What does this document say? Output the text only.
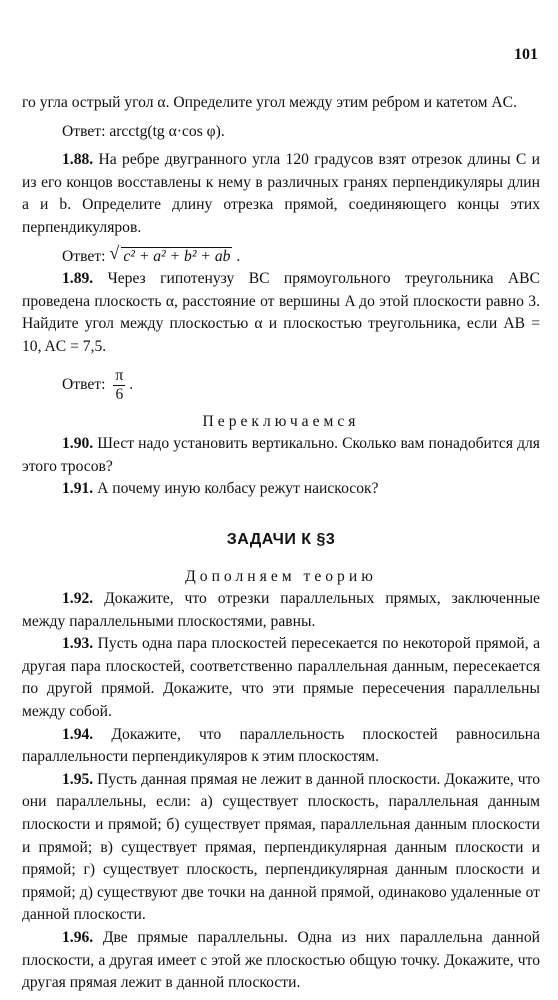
101

го угла острый угол α. Определите угол между этим ребром и катетом AC.

Ответ: arcctg(tg α·cos φ).

1.88. На ребре двугранного угла 120 градусов взят отрезок длины C и из его концов восставлены к нему в различных гранях перпендикуляры длин a и b. Определите длину отрезка прямой, соединяющего концы этих перпендикуляров.

Ответ: √ c² + a² + b² + ab .

1.89. Через гипотенузу BC прямоугольного треугольника ABC проведена плоскость α, расстояние от вершины A до этой плоскости равно 3. Найдите угол между плоскостью α и плоскостью треугольника, если AB = 10, AC = 7,5.

Ответ: $\frac{\pi}{6}$ .

Переключаемся

1.90. Шест надо установить вертикально. Сколько вам понадобится для этого тросов?

1.91. А почему иную колбасу режут наискосок?

ЗАДАЧИ К §3

Дополняем теорию

1.92. Докажите, что отрезки параллельных прямых, заключенные между параллельными плоскостями, равны.

1.93. Пусть одна пара плоскостей пересекается по некоторой прямой, а другая пара плоскостей, соответственно параллельная данным, пересекается по другой прямой. Докажите, что эти прямые пересечения параллельны между собой.

1.94. Докажите, что параллельность плоскостей равносильна параллельности перпендикуляров к этим плоскостям.

1.95. Пусть данная прямая не лежит в данной плоскости. Докажите, что они параллельны, если: а) существует плоскость, параллельная данным плоскости и прямой; б) существует прямая, параллельная данным плоскости и прямой; в) существует прямая, перпендикулярная данным плоскости и прямой; г) существует плоскость, перпендикулярная данным плоскости и прямой; д) существуют две точки на данной прямой, одинаково удаленные от данной плоскости.

1.96. Две прямые параллельны. Одна из них параллельна данной плоскости, а другая имеет с этой же плоскостью общую точку. Докажите, что другая прямая лежит в данной плоскости.
